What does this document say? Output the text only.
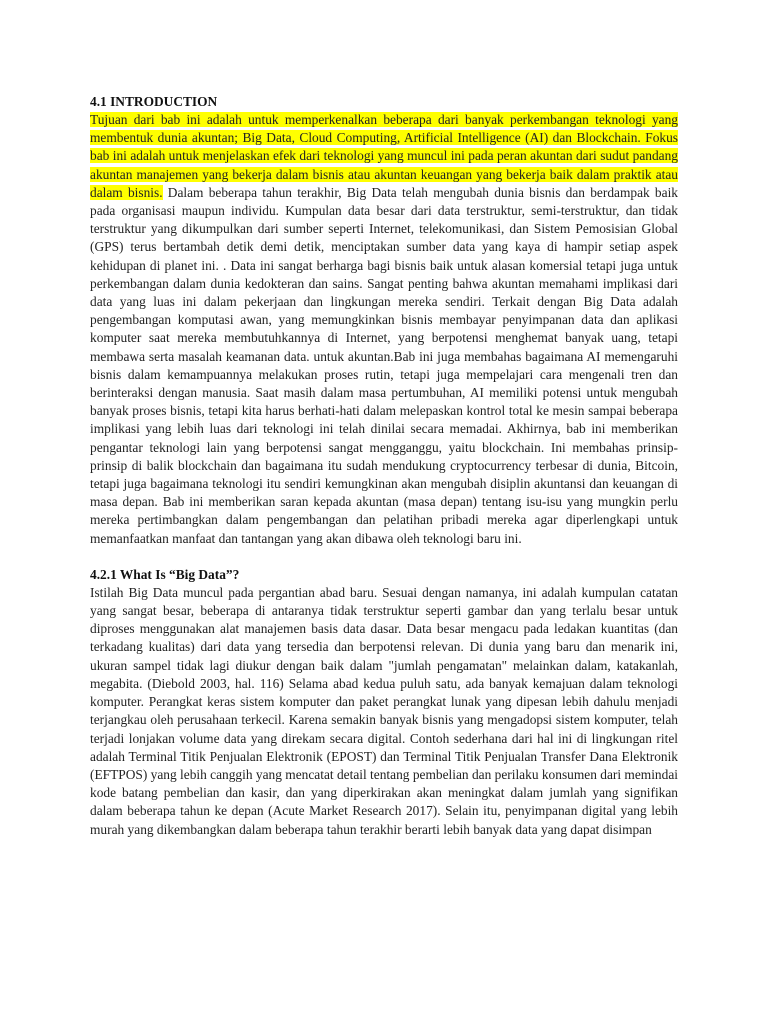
4.1 INTRODUCTION

Tujuan dari bab ini adalah untuk memperkenalkan beberapa dari banyak perkembangan teknologi yang membentuk dunia akuntan; Big Data, Cloud Computing, Artificial Intelligence (AI) dan Blockchain. Fokus bab ini adalah untuk menjelaskan efek dari teknologi yang muncul ini pada peran akuntan dari sudut pandang akuntan manajemen yang bekerja dalam bisnis atau akuntan keuangan yang bekerja baik dalam praktik atau dalam bisnis. Dalam beberapa tahun terakhir, Big Data telah mengubah dunia bisnis dan berdampak baik pada organisasi maupun individu. Kumpulan data besar dari data terstruktur, semi-terstruktur, dan tidak terstruktur yang dikumpulkan dari sumber seperti Internet, telekomunikasi, dan Sistem Pemosisian Global (GPS) terus bertambah detik demi detik, menciptakan sumber data yang kaya di hampir setiap aspek kehidupan di planet ini. . Data ini sangat berharga bagi bisnis baik untuk alasan komersial tetapi juga untuk perkembangan dalam dunia kedokteran dan sains. Sangat penting bahwa akuntan memahami implikasi dari data yang luas ini dalam pekerjaan dan lingkungan mereka sendiri. Terkait dengan Big Data adalah pengembangan komputasi awan, yang memungkinkan bisnis membayar penyimpanan data dan aplikasi komputer saat mereka membutuhkannya di Internet, yang berpotensi menghemat banyak uang, tetapi membawa serta masalah keamanan data. untuk akuntan.Bab ini juga membahas bagaimana AI memengaruhi bisnis dalam kemampuannya melakukan proses rutin, tetapi juga mempelajari cara mengenali tren dan berinteraksi dengan manusia. Saat masih dalam masa pertumbuhan, AI memiliki potensi untuk mengubah banyak proses bisnis, tetapi kita harus berhati-hati dalam melepaskan kontrol total ke mesin sampai beberapa implikasi yang lebih luas dari teknologi ini telah dinilai secara memadai. Akhirnya, bab ini memberikan pengantar teknologi lain yang berpotensi sangat mengganggu, yaitu blockchain. Ini membahas prinsip-prinsip di balik blockchain dan bagaimana itu sudah mendukung cryptocurrency terbesar di dunia, Bitcoin, tetapi juga bagaimana teknologi itu sendiri kemungkinan akan mengubah disiplin akuntansi dan keuangan di masa depan. Bab ini memberikan saran kepada akuntan (masa depan) tentang isu-isu yang mungkin perlu mereka pertimbangkan dalam pengembangan dan pelatihan pribadi mereka agar diperlengkapi untuk memanfaatkan manfaat dan tantangan yang akan dibawa oleh teknologi baru ini.

4.2.1 What Is “Big Data”?

Istilah Big Data muncul pada pergantian abad baru. Sesuai dengan namanya, ini adalah kumpulan catatan yang sangat besar, beberapa di antaranya tidak terstruktur seperti gambar dan yang terlalu besar untuk diproses menggunakan alat manajemen basis data dasar. Data besar mengacu pada ledakan kuantitas (dan terkadang kualitas) dari data yang tersedia dan berpotensi relevan. Di dunia yang baru dan menarik ini, ukuran sampel tidak lagi diukur dengan baik dalam "jumlah pengamatan" melainkan dalam, katakanlah, megabita. (Diebold 2003, hal. 116) Selama abad kedua puluh satu, ada banyak kemajuan dalam teknologi komputer. Perangkat keras sistem komputer dan paket perangkat lunak yang dipesan lebih dahulu menjadi terjangkau oleh perusahaan terkecil. Karena semakin banyak bisnis yang mengadopsi sistem komputer, telah terjadi lonjakan volume data yang direkam secara digital. Contoh sederhana dari hal ini di lingkungan ritel adalah Terminal Titik Penjualan Elektronik (EPOST) dan Terminal Titik Penjualan Transfer Dana Elektronik (EFTPOS) yang lebih canggih yang mencatat detail tentang pembelian dan perilaku konsumen dari memindai kode batang pembelian dan kasir, dan yang diperkirakan akan meningkat dalam jumlah yang signifikan dalam beberapa tahun ke depan (Acute Market Research 2017). Selain itu, penyimpanan digital yang lebih murah yang dikembangkan dalam beberapa tahun terakhir berarti lebih banyak data yang dapat disimpan
